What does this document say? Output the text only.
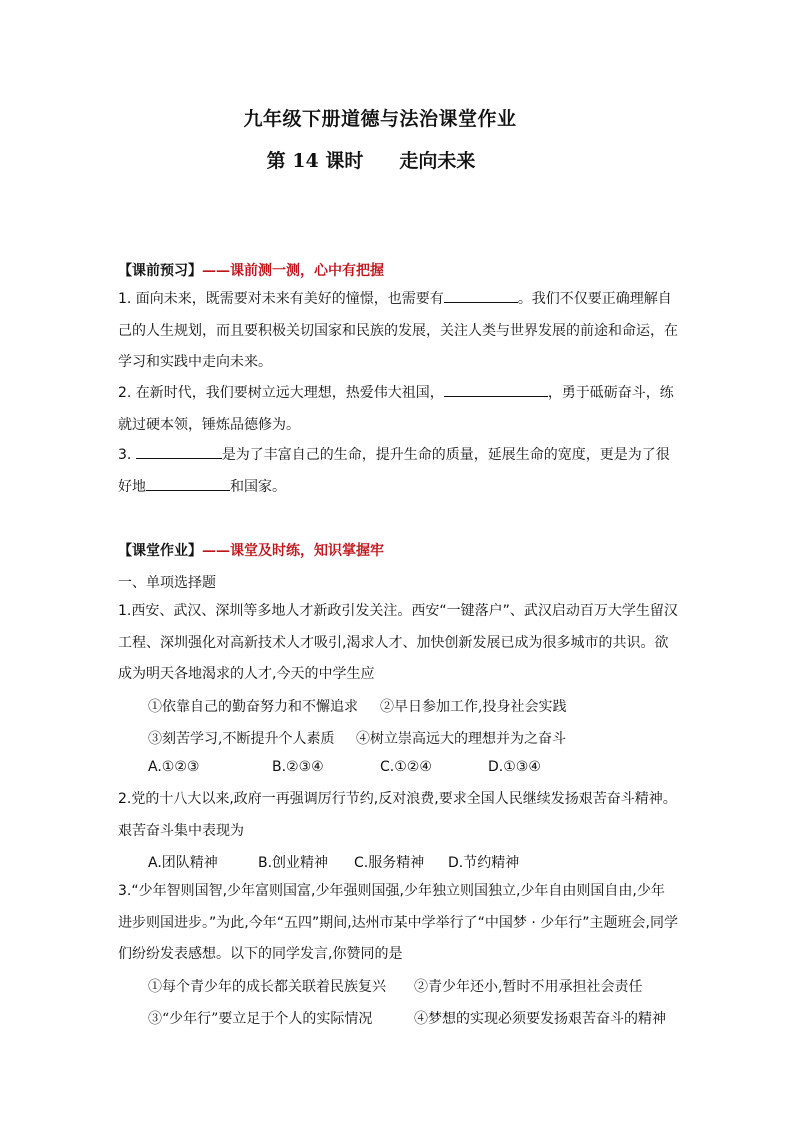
九年级下册道德与法治课堂作业
第 14 课时 走向未来
【课前预习】——课前测一测，心中有把握
1. 面向未来，既需要对未来有美好的憧憬，也需要有	。我们不仅要正确理解自己的人生规划，而且要积极关切国家和民族的发展，关注人类与世界发展的前途和命运，在学习和实践中走向未来。
2. 在新时代，我们要树立远大理想，热爱伟大祖国，	，勇于砥砺奋斗，练就过硬本领，锤炼品德修为。
3.	是为了丰富自己的生命，提升生命的质量，延展生命的宽度，更是为了很好地	和国家。
【课堂作业】——课堂及时练，知识掌握牢
一、单项选择题
1.西安、武汉、深圳等多地人才新政引发关注。西安“一键落户”、武汉启动百万大学生留汉工程、深圳强化对高新技术人才吸引,渴求人才、加快创新发展已成为很多城市的共识。欲成为明天各地渴求的人才,今天的中学生应
①依靠自己的勤奋努力和不懈追求 ②早日参加工作,投身社会实践
③刻苦学习,不断提升个人素质 ④树立崇高远大的理想并为之奋斗
A.①②③	B.②③④	C.①②④	D.①③④
2.党的十八大以来,政府一再强调厉行节约,反对浪费,要求全国人民继续发扬艰苦奋斗精神。艰苦奋斗集中表现为
A.团队精神	B.创业精神 C.服务精神 D.节约精神
3.“少年智则国智,少年富则国富,少年强则国强,少年独立则国独立,少年自由则国自由,少年进步则国进步。”为此,今年“五四”期间,达州市某中学举行了“中国梦 · 少年行”主题班会,同学们纷纷发表感想。以下的同学发言,你赞同的是
①每个青少年的成长都关联着民族复兴 ②青少年还小,暂时不用承担社会责任
③“少年行”要立足于个人的实际情况	④梦想的实现必须要发扬艰苦奋斗的精神
